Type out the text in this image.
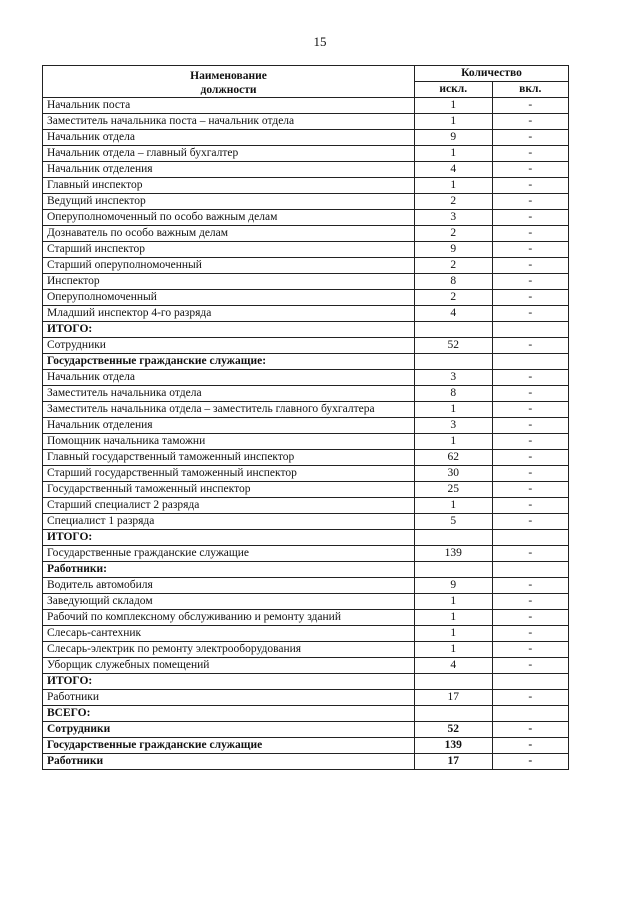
15
Наименование
должности	Количество	
	искл.	вкл.
Начальник поста	1	-
Заместитель начальника поста – начальник отдела	1	-
Начальник отдела	9	-
Начальник отдела – главный бухгалтер	1	-
Начальник отделения	4	-
Главный инспектор	1	-
Ведущий инспектор	2	-
Оперуполномоченный по особо важным делам	3	-
Дознаватель по особо важным делам	2	-
Старший инспектор	9	-
Старший оперуполномоченный	2	-
Инспектор	8	-
Оперуполномоченный	2	-
Младший инспектор 4-го разряда	4	-
ИТОГО:		
Сотрудники	52	-
Государственные гражданские служащие:		
Начальник отдела	3	-
Заместитель начальника отдела	8	-
Заместитель начальника отдела – заместитель главного бухгалтера	1	-
Начальник отделения	3	-
Помощник начальника таможни	1	-
Главный государственный таможенный инспектор	62	-
Старший государственный таможенный инспектор	30	-
Государственный таможенный инспектор	25	-
Старший специалист 2 разряда	1	-
Специалист 1 разряда	5	-
ИТОГО:		
Государственные гражданские служащие	139	-
Работники:		
Водитель автомобиля	9	-
Заведующий складом	1	-
Рабочий по комплексному обслуживанию и ремонту зданий	1	-
Слесарь-сантехник	1	-
Слесарь-электрик по ремонту электрооборудования	1	-
Уборщик служебных помещений	4	-
ИТОГО:		
Работники	17	-
ВСЕГО:		
Сотрудники	52	-
Государственные гражданские служащие	139	-
Работники	17	-
